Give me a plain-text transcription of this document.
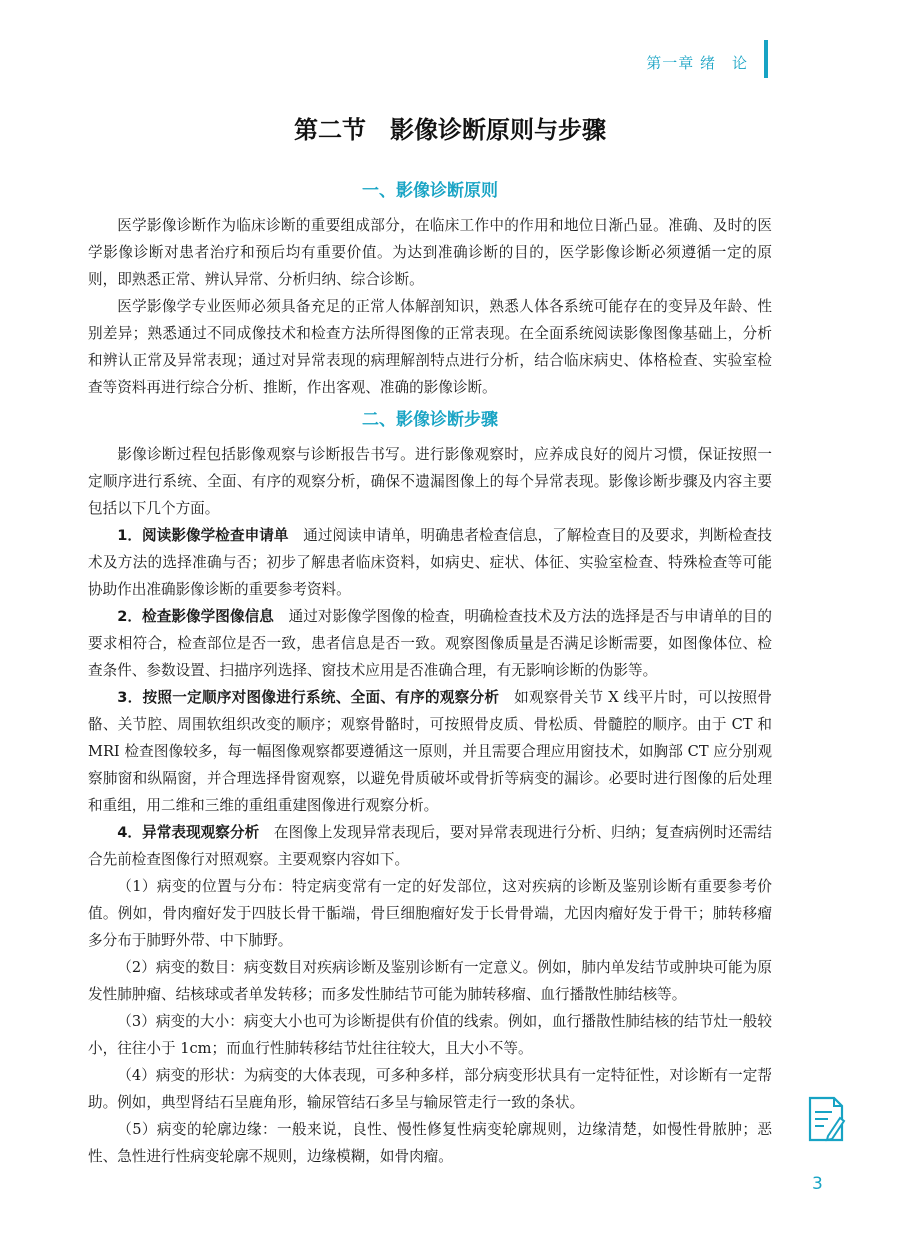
第一章 绪　论
第二节　影像诊断原则与步骤
一、影像诊断原则

医学影像诊断作为临床诊断的重要组成部分，在临床工作中的作用和地位日渐凸显。准确、及时的医学影像诊断对患者治疗和预后均有重要价值。为达到准确诊断的目的，医学影像诊断必须遵循一定的原则，即熟悉正常、辨认异常、分析归纳、综合诊断。

医学影像学专业医师必须具备充足的正常人体解剖知识，熟悉人体各系统可能存在的变异及年龄、性别差异；熟悉通过不同成像技术和检查方法所得图像的正常表现。在全面系统阅读影像图像基础上，分析和辨认正常及异常表现；通过对异常表现的病理解剖特点进行分析，结合临床病史、体格检查、实验室检查等资料再进行综合分析、推断，作出客观、准确的影像诊断。

二、影像诊断步骤

影像诊断过程包括影像观察与诊断报告书写。进行影像观察时，应养成良好的阅片习惯，保证按照一定顺序进行系统、全面、有序的观察分析，确保不遗漏图像上的每个异常表现。影像诊断步骤及内容主要包括以下几个方面。

1．阅读影像学检查申请单　 通过阅读申请单，明确患者检查信息，了解检查目的及要求，判断检查技术及方法的选择准确与否；初步了解患者临床资料，如病史、症状、体征、实验室检查、特殊检查等可能协助作出准确影像诊断的重要参考资料。

2．检查影像学图像信息　 通过对影像学图像的检查，明确检查技术及方法的选择是否与申请单的目的要求相符合，检查部位是否一致，患者信息是否一致。观察图像质量是否满足诊断需要，如图像体位、检查条件、参数设置、扫描序列选择、窗技术应用是否准确合理，有无影响诊断的伪影等。

3．按照一定顺序对图像进行系统、全面、有序的观察分析　 如观察骨关节 X 线平片时，可以按照骨骼、关节腔、周围软组织改变的顺序；观察骨骼时，可按照骨皮质、骨松质、骨髓腔的顺序。由于 CT 和 MRI 检查图像较多，每一幅图像观察都要遵循这一原则，并且需要合理应用窗技术，如胸部 CT 应分别观察肺窗和纵隔窗，并合理选择骨窗观察，以避免骨质破坏或骨折等病变的漏诊。必要时进行图像的后处理和重组，用二维和三维的重组重建图像进行观察分析。

4．异常表现观察分析　 在图像上发现异常表现后，要对异常表现进行分析、归纳；复查病例时还需结合先前检查图像行对照观察。主要观察内容如下。

（1）病变的位置与分布：特定病变常有一定的好发部位，这对疾病的诊断及鉴别诊断有重要参考价值。例如，骨肉瘤好发于四肢长骨干骺端，骨巨细胞瘤好发于长骨骨端，尤因肉瘤好发于骨干；肺转移瘤多分布于肺野外带、中下肺野。

（2）病变的数目：病变数目对疾病诊断及鉴别诊断有一定意义。例如，肺内单发结节或肿块可能为原发性肺肿瘤、结核球或者单发转移；而多发性肺结节可能为肺转移瘤、血行播散性肺结核等。

（3）病变的大小：病变大小也可为诊断提供有价值的线索。例如，血行播散性肺结核的结节灶一般较小，往往小于 1cm；而血行性肺转移结节灶往往较大，且大小不等。

（4）病变的形状：为病变的大体表现，可多种多样，部分病变形状具有一定特征性，对诊断有一定帮助。例如，典型肾结石呈鹿角形，输尿管结石多呈与输尿管走行一致的条状。

（5）病变的轮廓边缘：一般来说，良性、慢性修复性病变轮廓规则，边缘清楚，如慢性骨脓肿；恶性、急性进行性病变轮廓不规则，边缘模糊，如骨肉瘤。

3
